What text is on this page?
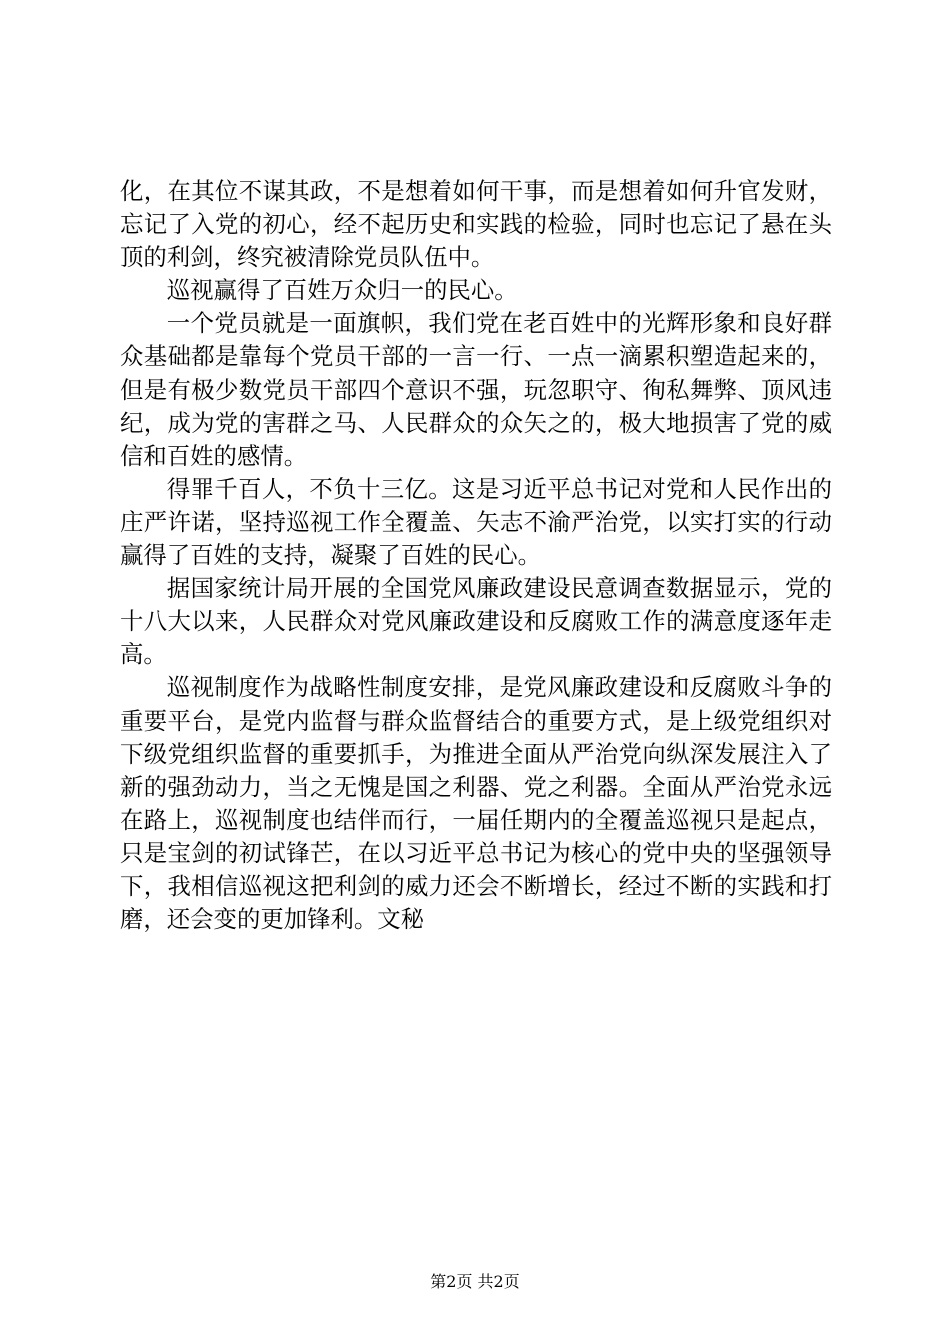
化，在其位不谋其政，不是想着如何干事，而是想着如何升官发财，忘记了入党的初心，经不起历史和实践的检验，同时也忘记了悬在头顶的利剑，终究被清除党员队伍中。

巡视赢得了百姓万众归一的民心。

一个党员就是一面旗帜，我们党在老百姓中的光辉形象和良好群众基础都是靠每个党员干部的一言一行、一点一滴累积塑造起来的，但是有极少数党员干部四个意识不强，玩忽职守、徇私舞弊、顶风违纪，成为党的害群之马、人民群众的众矢之的，极大地损害了党的威信和百姓的感情。

得罪千百人，不负十三亿。这是习近平总书记对党和人民作出的庄严许诺，坚持巡视工作全覆盖、矢志不渝严治党，以实打实的行动赢得了百姓的支持，凝聚了百姓的民心。

据国家统计局开展的全国党风廉政建设民意调查数据显示，党的十八大以来，人民群众对党风廉政建设和反腐败工作的满意度逐年走高。

巡视制度作为战略性制度安排，是党风廉政建设和反腐败斗争的重要平台，是党内监督与群众监督结合的重要方式，是上级党组织对下级党组织监督的重要抓手，为推进全面从严治党向纵深发展注入了新的强劲动力，当之无愧是国之利器、党之利器。全面从严治党永远在路上，巡视制度也结伴而行，一届任期内的全覆盖巡视只是起点，只是宝剑的初试锋芒，在以习近平总书记为核心的党中央的坚强领导下，我相信巡视这把利剑的威力还会不断增长，经过不断的实践和打磨，还会变的更加锋利。文秘

第2页 共2页
